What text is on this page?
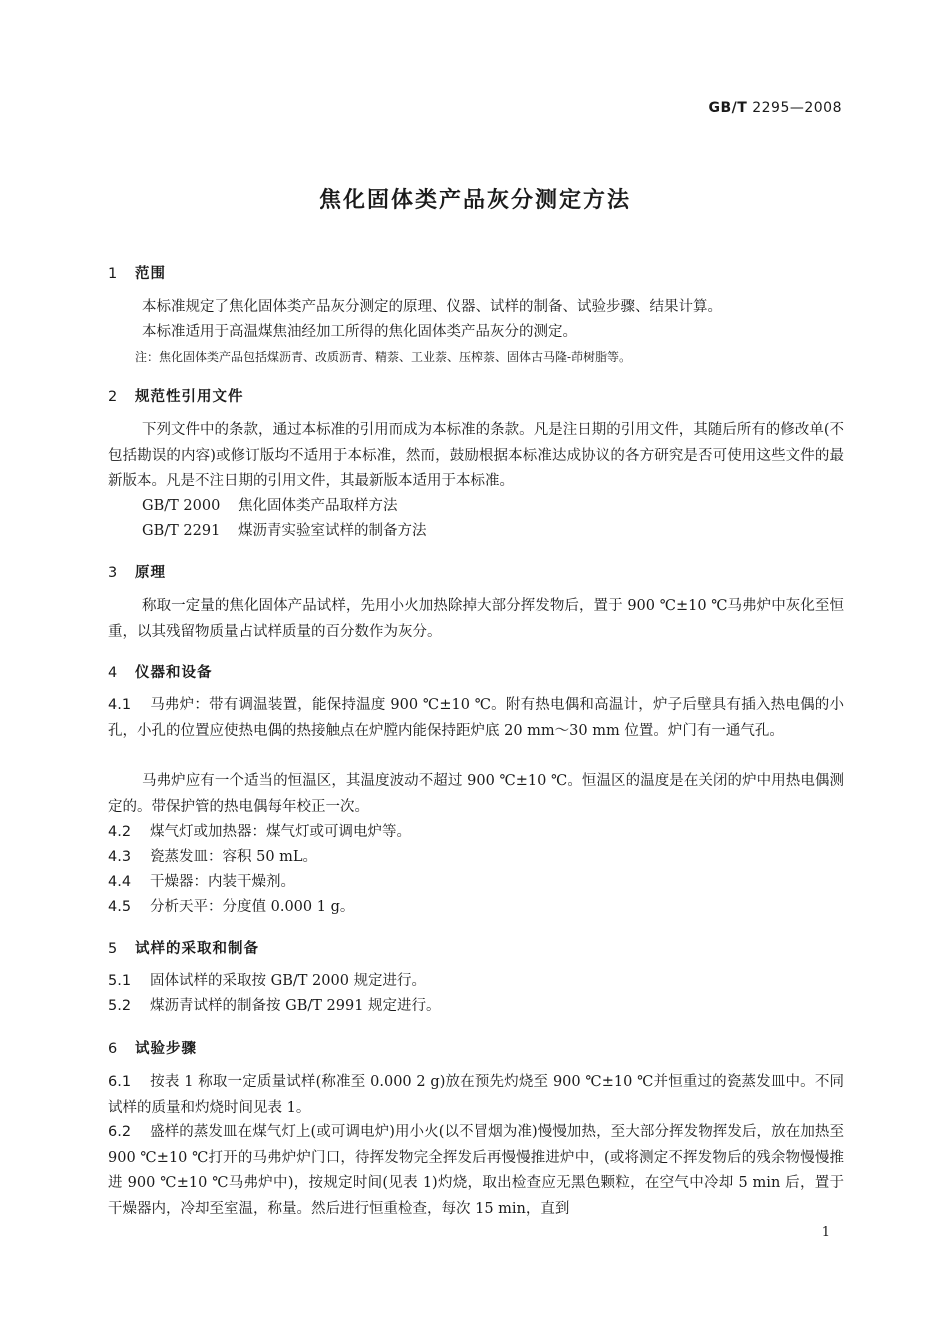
GB/T 2295—2008
焦化固体类产品灰分测定方法
1 范围
本标准规定了焦化固体类产品灰分测定的原理、仪器、试样的制备、试验步骤、结果计算。
本标准适用于高温煤焦油经加工所得的焦化固体类产品灰分的测定。
注：焦化固体类产品包括煤沥青、改质沥青、精萘、工业萘、压榨萘、固体古马隆-茚树脂等。
2 规范性引用文件
下列文件中的条款，通过本标准的引用而成为本标准的条款。凡是注日期的引用文件，其随后所有的修改单(不包括勘误的内容)或修订版均不适用于本标准，然而，鼓励根据本标准达成协议的各方研究是否可使用这些文件的最新版本。凡是不注日期的引用文件，其最新版本适用于本标准。
GB/T 2000 焦化固体类产品取样方法
GB/T 2291 煤沥青实验室试样的制备方法
3 原理
称取一定量的焦化固体产品试样，先用小火加热除掉大部分挥发物后，置于 900 ℃±10 ℃马弗炉中灰化至恒重，以其残留物质量占试样质量的百分数作为灰分。
4 仪器和设备
4.1 马弗炉：带有调温装置，能保持温度 900 ℃±10 ℃。附有热电偶和高温计，炉子后壁具有插入热电偶的小孔，小孔的位置应使热电偶的热接触点在炉膛内能保持距炉底 20 mm～30 mm 位置。炉门有一通气孔。
马弗炉应有一个适当的恒温区，其温度波动不超过 900 ℃±10 ℃。恒温区的温度是在关闭的炉中用热电偶测定的。带保护管的热电偶每年校正一次。
4.2 煤气灯或加热器：煤气灯或可调电炉等。
4.3 瓷蒸发皿：容积 50 mL。
4.4 干燥器：内装干燥剂。
4.5 分析天平：分度值 0.000 1 g。
5 试样的采取和制备
5.1 固体试样的采取按 GB/T 2000 规定进行。
5.2 煤沥青试样的制备按 GB/T 2991 规定进行。
6 试验步骤
6.1 按表 1 称取一定质量试样(称准至 0.000 2 g)放在预先灼烧至 900 ℃±10 ℃并恒重过的瓷蒸发皿中。不同试样的质量和灼烧时间见表 1。
6.2 盛样的蒸发皿在煤气灯上(或可调电炉)用小火(以不冒烟为准)慢慢加热，至大部分挥发物挥发后，放在加热至 900 ℃±10 ℃打开的马弗炉炉门口，待挥发物完全挥发后再慢慢推进炉中，(或将测定不挥发物后的残余物慢慢推进 900 ℃±10 ℃马弗炉中)，按规定时间(见表 1)灼烧，取出检查应无黑色颗粒，在空气中冷却 5 min 后，置于干燥器内，冷却至室温，称量。然后进行恒重检查，每次 15 min，直到
1
